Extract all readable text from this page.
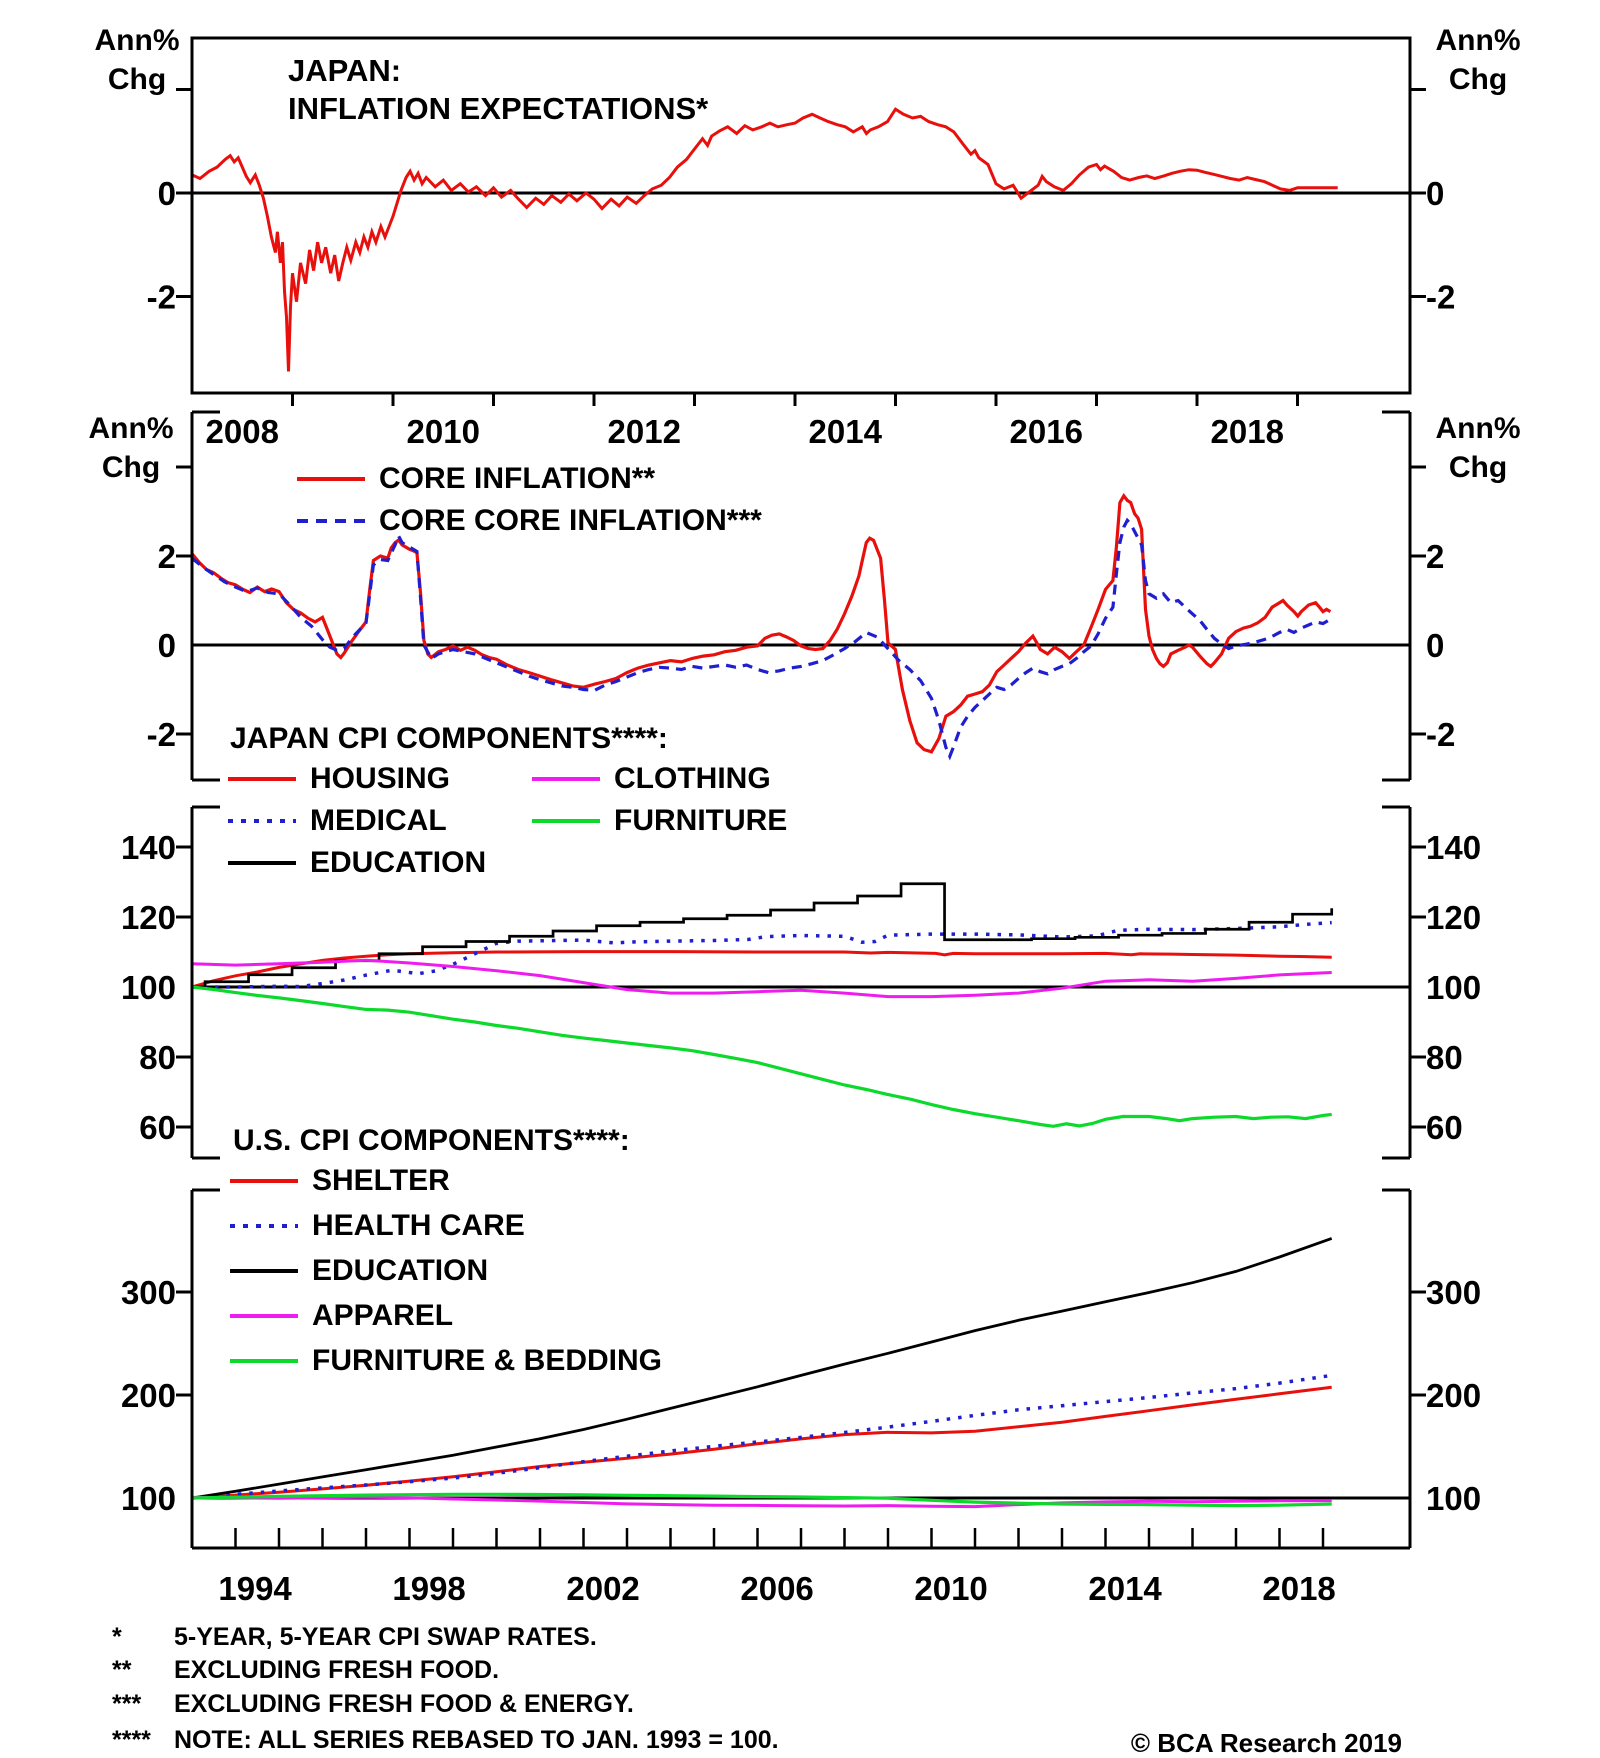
0	0
-2	-2
2008	2010	2012	2014	2016	2018
2	2
0	0
-2	-2
140	140
120	120
100	100
80	80
60	60
300	300
200	200
100	100
1994	1998	2002	2006	2010	2014	2018
JAPAN:
INFLATION EXPECTATIONS*
Ann%
Chg
Ann%
Chg
Ann%
Chg
Ann%
Chg
CORE INFLATION**
CORE CORE INFLATION***
JAPAN CPI COMPONENTS****:
HOUSING
MEDICAL
EDUCATION
CLOTHING
FURNITURE
U.S. CPI COMPONENTS****:
SHELTER
HEALTH CARE
EDUCATION
APPAREL
FURNITURE & BEDDING
* 5-YEAR, 5-YEAR CPI SWAP RATES.
** EXCLUDING FRESH FOOD.
*** EXCLUDING FRESH FOOD & ENERGY.
**** NOTE: ALL SERIES REBASED TO JAN. 1993 = 100.	© BCA Research 2019
